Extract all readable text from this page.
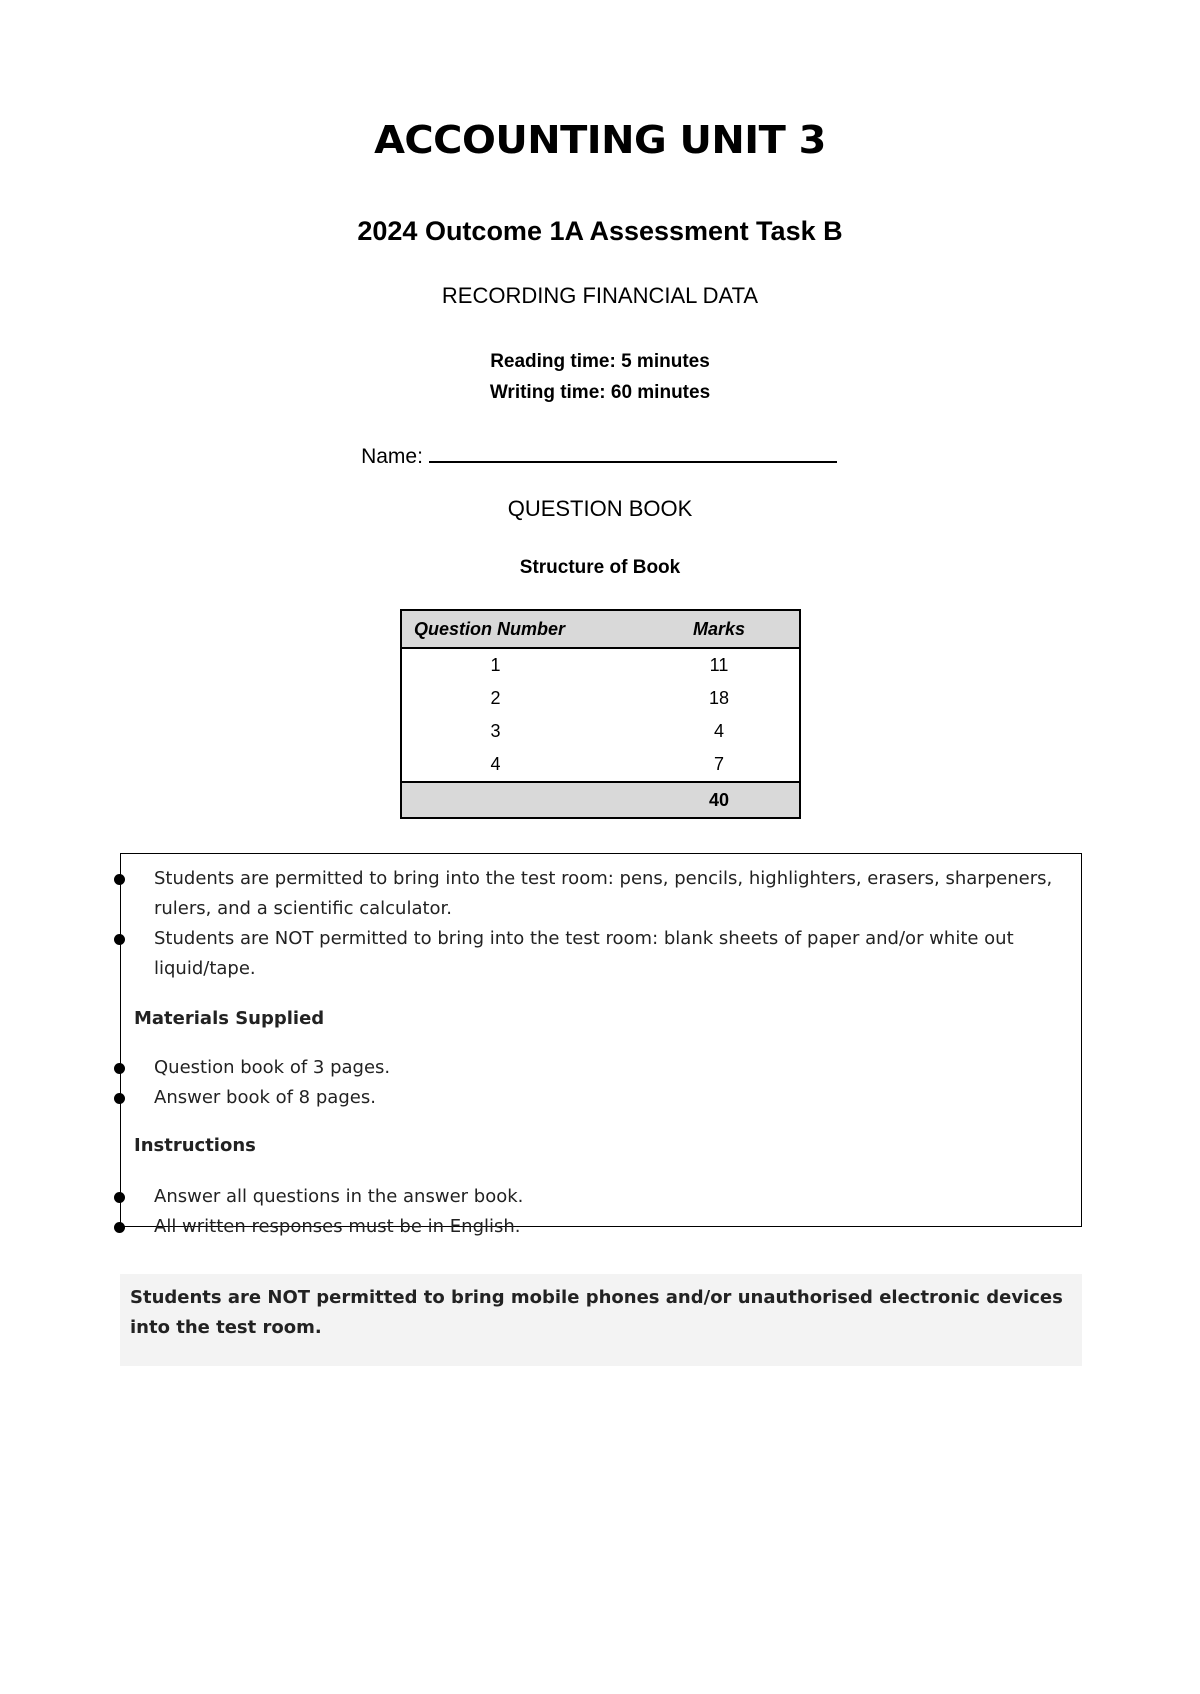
ACCOUNTING UNIT 3
2024 Outcome 1A Assessment Task B
RECORDING FINANCIAL DATA
Reading time: 5 minutes
Writing time: 60 minutes
Name:
QUESTION BOOK
Structure of Book
Question Number	Marks
1	11
2	18
3	4
4	7
	40
Students are permitted to bring into the test room: pens, pencils, highlighters, erasers, sharpeners, rulers, and a scientific calculator.
Students are NOT permitted to bring into the test room: blank sheets of paper and/or white out liquid/tape.
Materials Supplied
Question book of 3 pages.
Answer book of 8 pages.
Instructions
Answer all questions in the answer book.
All written responses must be in English.
Students are NOT permitted to bring mobile phones and/or unauthorised electronic devices into the test room.
